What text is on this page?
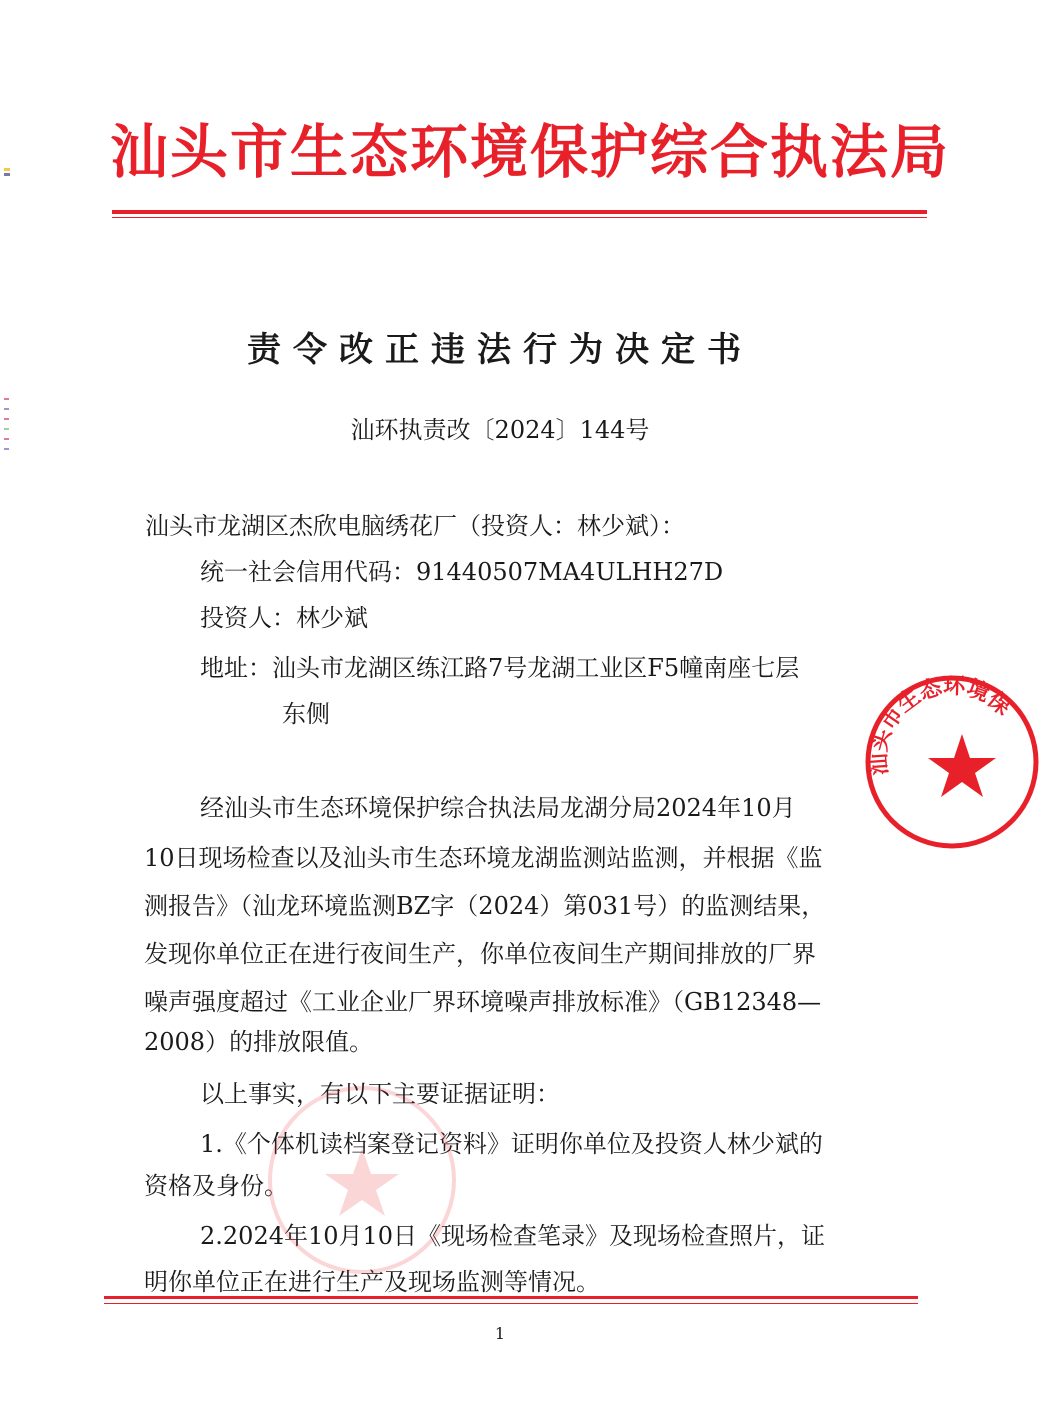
汕头市生态环境保护综合执法局
责令改正违法行为决定书
汕环执责改〔2024〕144号
汕头市龙湖区杰欣电脑绣花厂（投资人：林少斌）：
统一社会信用代码：91440507MA4ULHH27D
投资人：林少斌
地址：汕头市龙湖区练江路7号龙湖工业区F5幢南座七层
东侧
经汕头市生态环境保护综合执法局龙湖分局2024年10月
10日现场检查以及汕头市生态环境龙湖监测站监测，并根据《监
测报告》（汕龙环境监测BZ字（2024）第031号）的监测结果，
发现你单位正在进行夜间生产，你单位夜间生产期间排放的厂界
噪声强度超过《工业企业厂界环境噪声排放标准》（GB12348—
2008）的排放限值。
以上事实，有以下主要证据证明：
1.《个体机读档案登记资料》证明你单位及投资人林少斌的
资格及身份。
2.2024年10月10日《现场检查笔录》及现场检查照片，证
明你单位正在进行生产及现场监测等情况。
1
汕头市生态环境保
